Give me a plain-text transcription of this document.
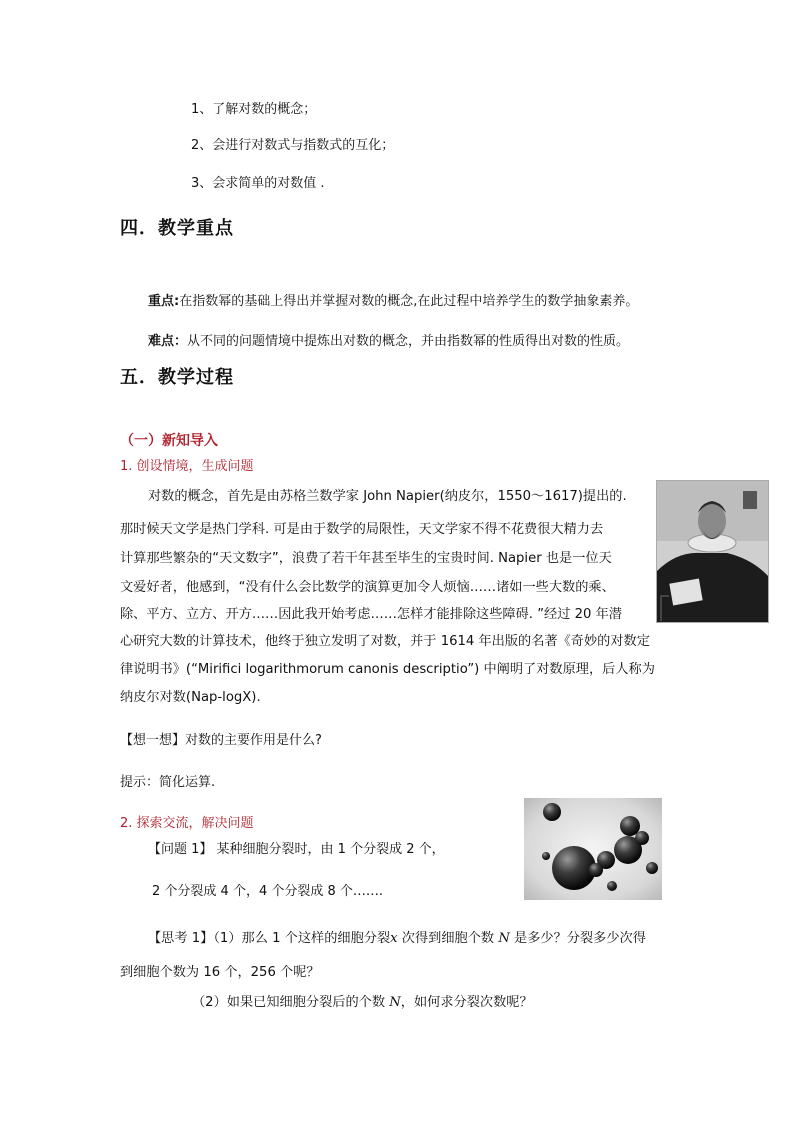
1、了解对数的概念；
2、会进行对数式与指数式的互化；
3、会求简单的对数值 .
四．教学重点
重点:在指数幂的基础上得出并掌握对数的概念,在此过程中培养学生的数学抽象素养。
难点：从不同的问题情境中提炼出对数的概念，并由指数幂的性质得出对数的性质。
五．教学过程
（一）新知导入
1. 创设情境，生成问题
对数的概念，首先是由苏格兰数学家 John Napier(纳皮尔，1550～1617)提出的.
那时候天文学是热门学科. 可是由于数学的局限性，天文学家不得不花费很大精力去
计算那些繁杂的“天文数字”，浪费了若干年甚至毕生的宝贵时间. Napier 也是一位天
文爱好者，他感到，“没有什么会比数学的演算更加令人烦恼……诸如一些大数的乘、
除、平方、立方、开方……因此我开始考虑……怎样才能排除这些障碍. ”经过 20 年潜
心研究大数的计算技术，他终于独立发明了对数，并于 1614 年出版的名著《奇妙的对数定
律说明书》(“Mirifici logarithmorum canonis descriptio”) 中阐明了对数原理，后人称为
纳皮尔对数(Nap-logX).
【想一想】对数的主要作用是什么?
提示：简化运算.
2. 探索交流，解决问题
【问题 1】 某种细胞分裂时，由 1 个分裂成 2 个，
2 个分裂成 4 个，4 个分裂成 8 个…….
【思考 1】（1）那么 1 个这样的细胞分裂x 次得到细胞个数 N 是多少？分裂多少次得
到细胞个数为 16 个，256 个呢？
（2）如果已知细胞分裂后的个数 N，如何求分裂次数呢？
